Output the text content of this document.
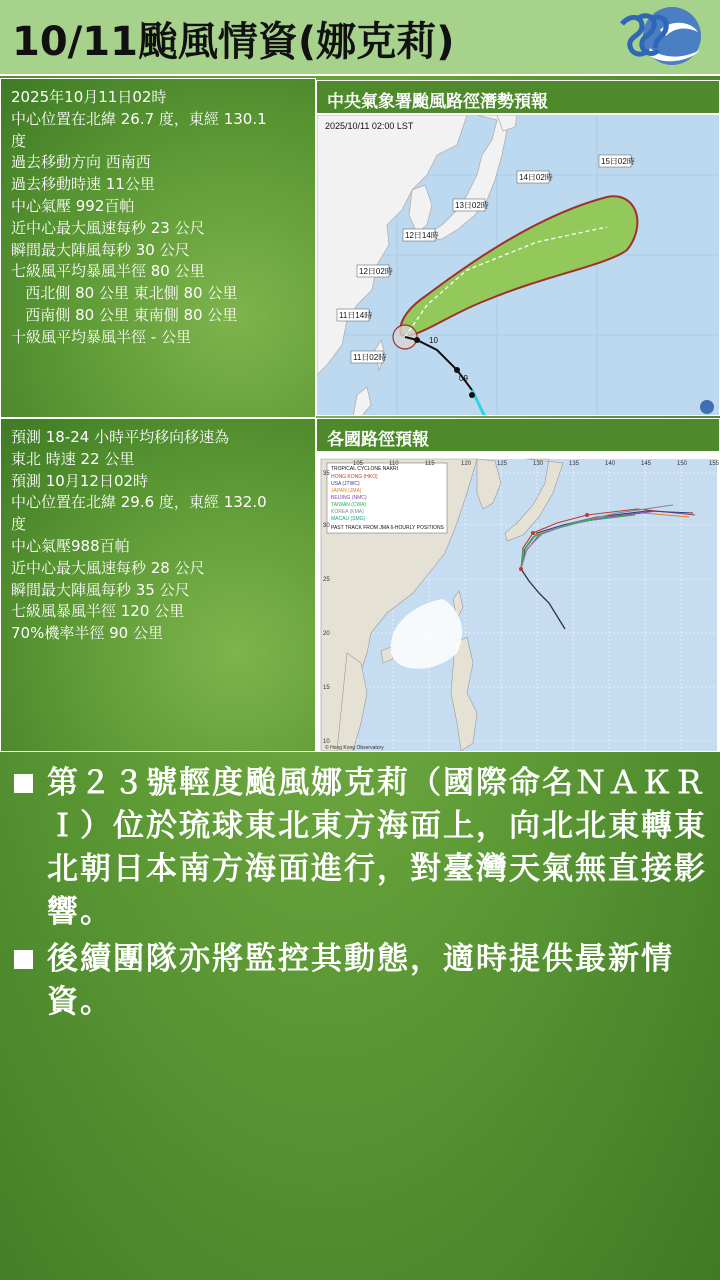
10/11颱風情資(娜克莉)
2025年10月11日02時
中心位置在北緯 26.7 度，東經 130.1
度
過去移動方向 西南西
過去移動時速 11公里
中心氣壓 992百帕
近中心最大風速每秒 23 公尺
瞬間最大陣風每秒 30 公尺
七級風平均暴風半徑 80 公里
西北側 80 公里 東北側 80 公里
西南側 80 公里 東南側 80 公里
十級風平均暴風半徑 - 公里
預測 18-24 小時平均移向移速為
東北 時速 22 公里
預測 10月12日02時
中心位置在北緯 29.6 度，東經 132.0
度
中心氣壓988百帕
近中心最大風速每秒 28 公尺
瞬間最大陣風每秒 35 公尺
七級風暴風半徑 120 公里
70%機率半徑 90 公里
中央氣象署颱風路徑潛勢預報
2025/10/11 02:00 LST
15日02時
14日02時
13日02時
12日14時
12日02時
11日14時
11日02時
10
09
各國路徑預報
TROPICAL CYCLONE NAKRI
HONG KONG (HKO)
USA (JTWC)
JAPAN (JMA)
BEIJING (NMC)
TAIWAN (CWA)
KOREA (KMA)
MACAU (SMG)
PAST TRACK FROM JMA 6-HOURLY POSITIONS
105	110	115	120	125	130	135	140	145	150	155
35
30
25
20
15
10
© Hong Kong Observatory
第２３號輕度颱風娜克莉（國際命名ＮＡＫＲＩ）位於琉球東北東方海面上，向北北東轉東北朝日本南方海面進行，對臺灣天氣無直接影響。
後續團隊亦將監控其動態，適時提供最新情資。
